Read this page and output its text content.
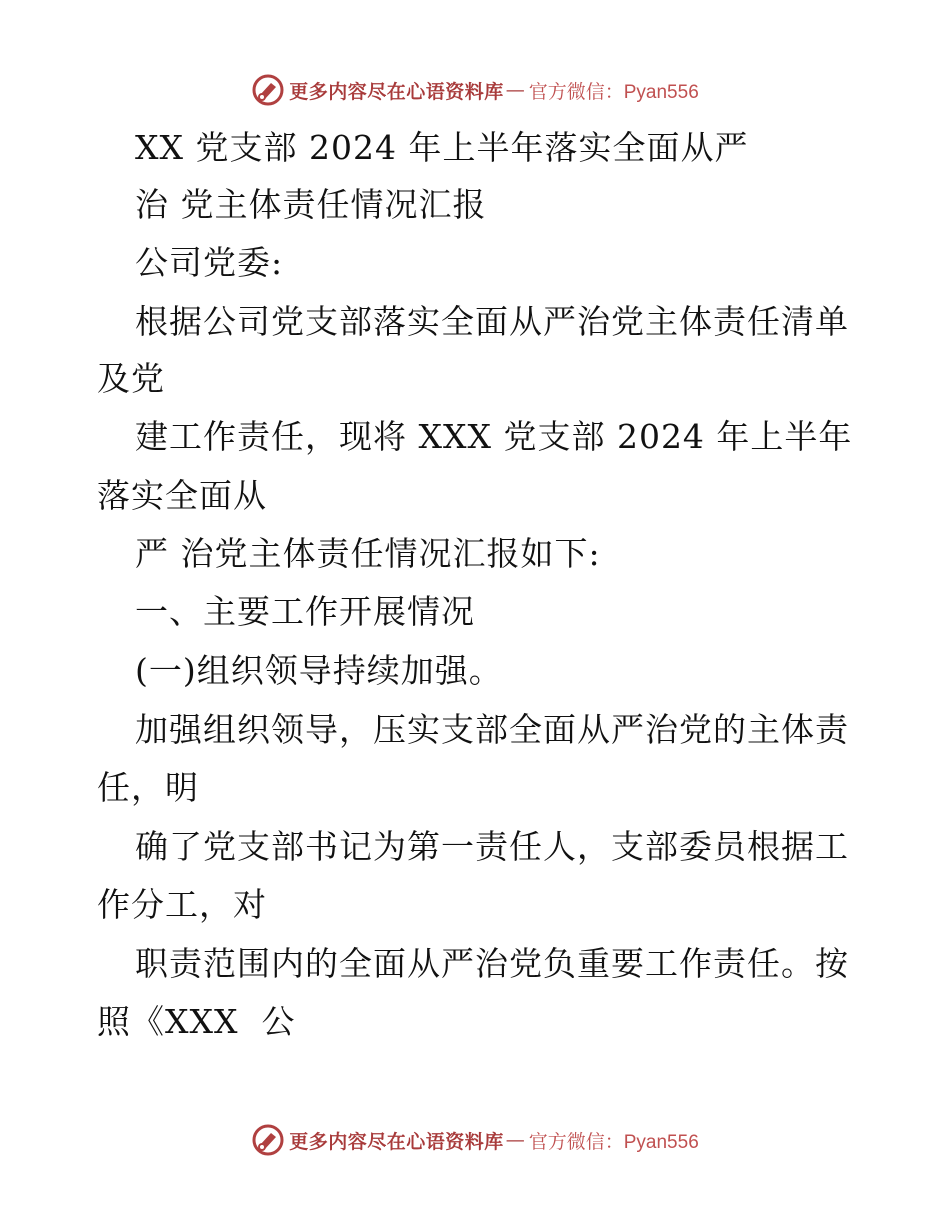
更多内容尽在心语资料库 — 官方微信：Pyan556
XX 党支部 2024 年上半年落实全面从严
治 党主体责任情况汇报
公司党委:
根据公司党支部落实全面从严治党主体责任清单
及党
建工作责任，现将 XXX 党支部 2024 年上半年
落实全面从
严 治党主体责任情况汇报如下:
一、主要工作开展情况
(一)组织领导持续加强。
加强组织领导，压实支部全面从严治党的主体责
任，明
确了党支部书记为第一责任人，支部委员根据工
作分工，对
职责范围内的全面从严治党负重要工作责任。按
照《XXX  公
更多内容尽在心语资料库 — 官方微信：Pyan556
